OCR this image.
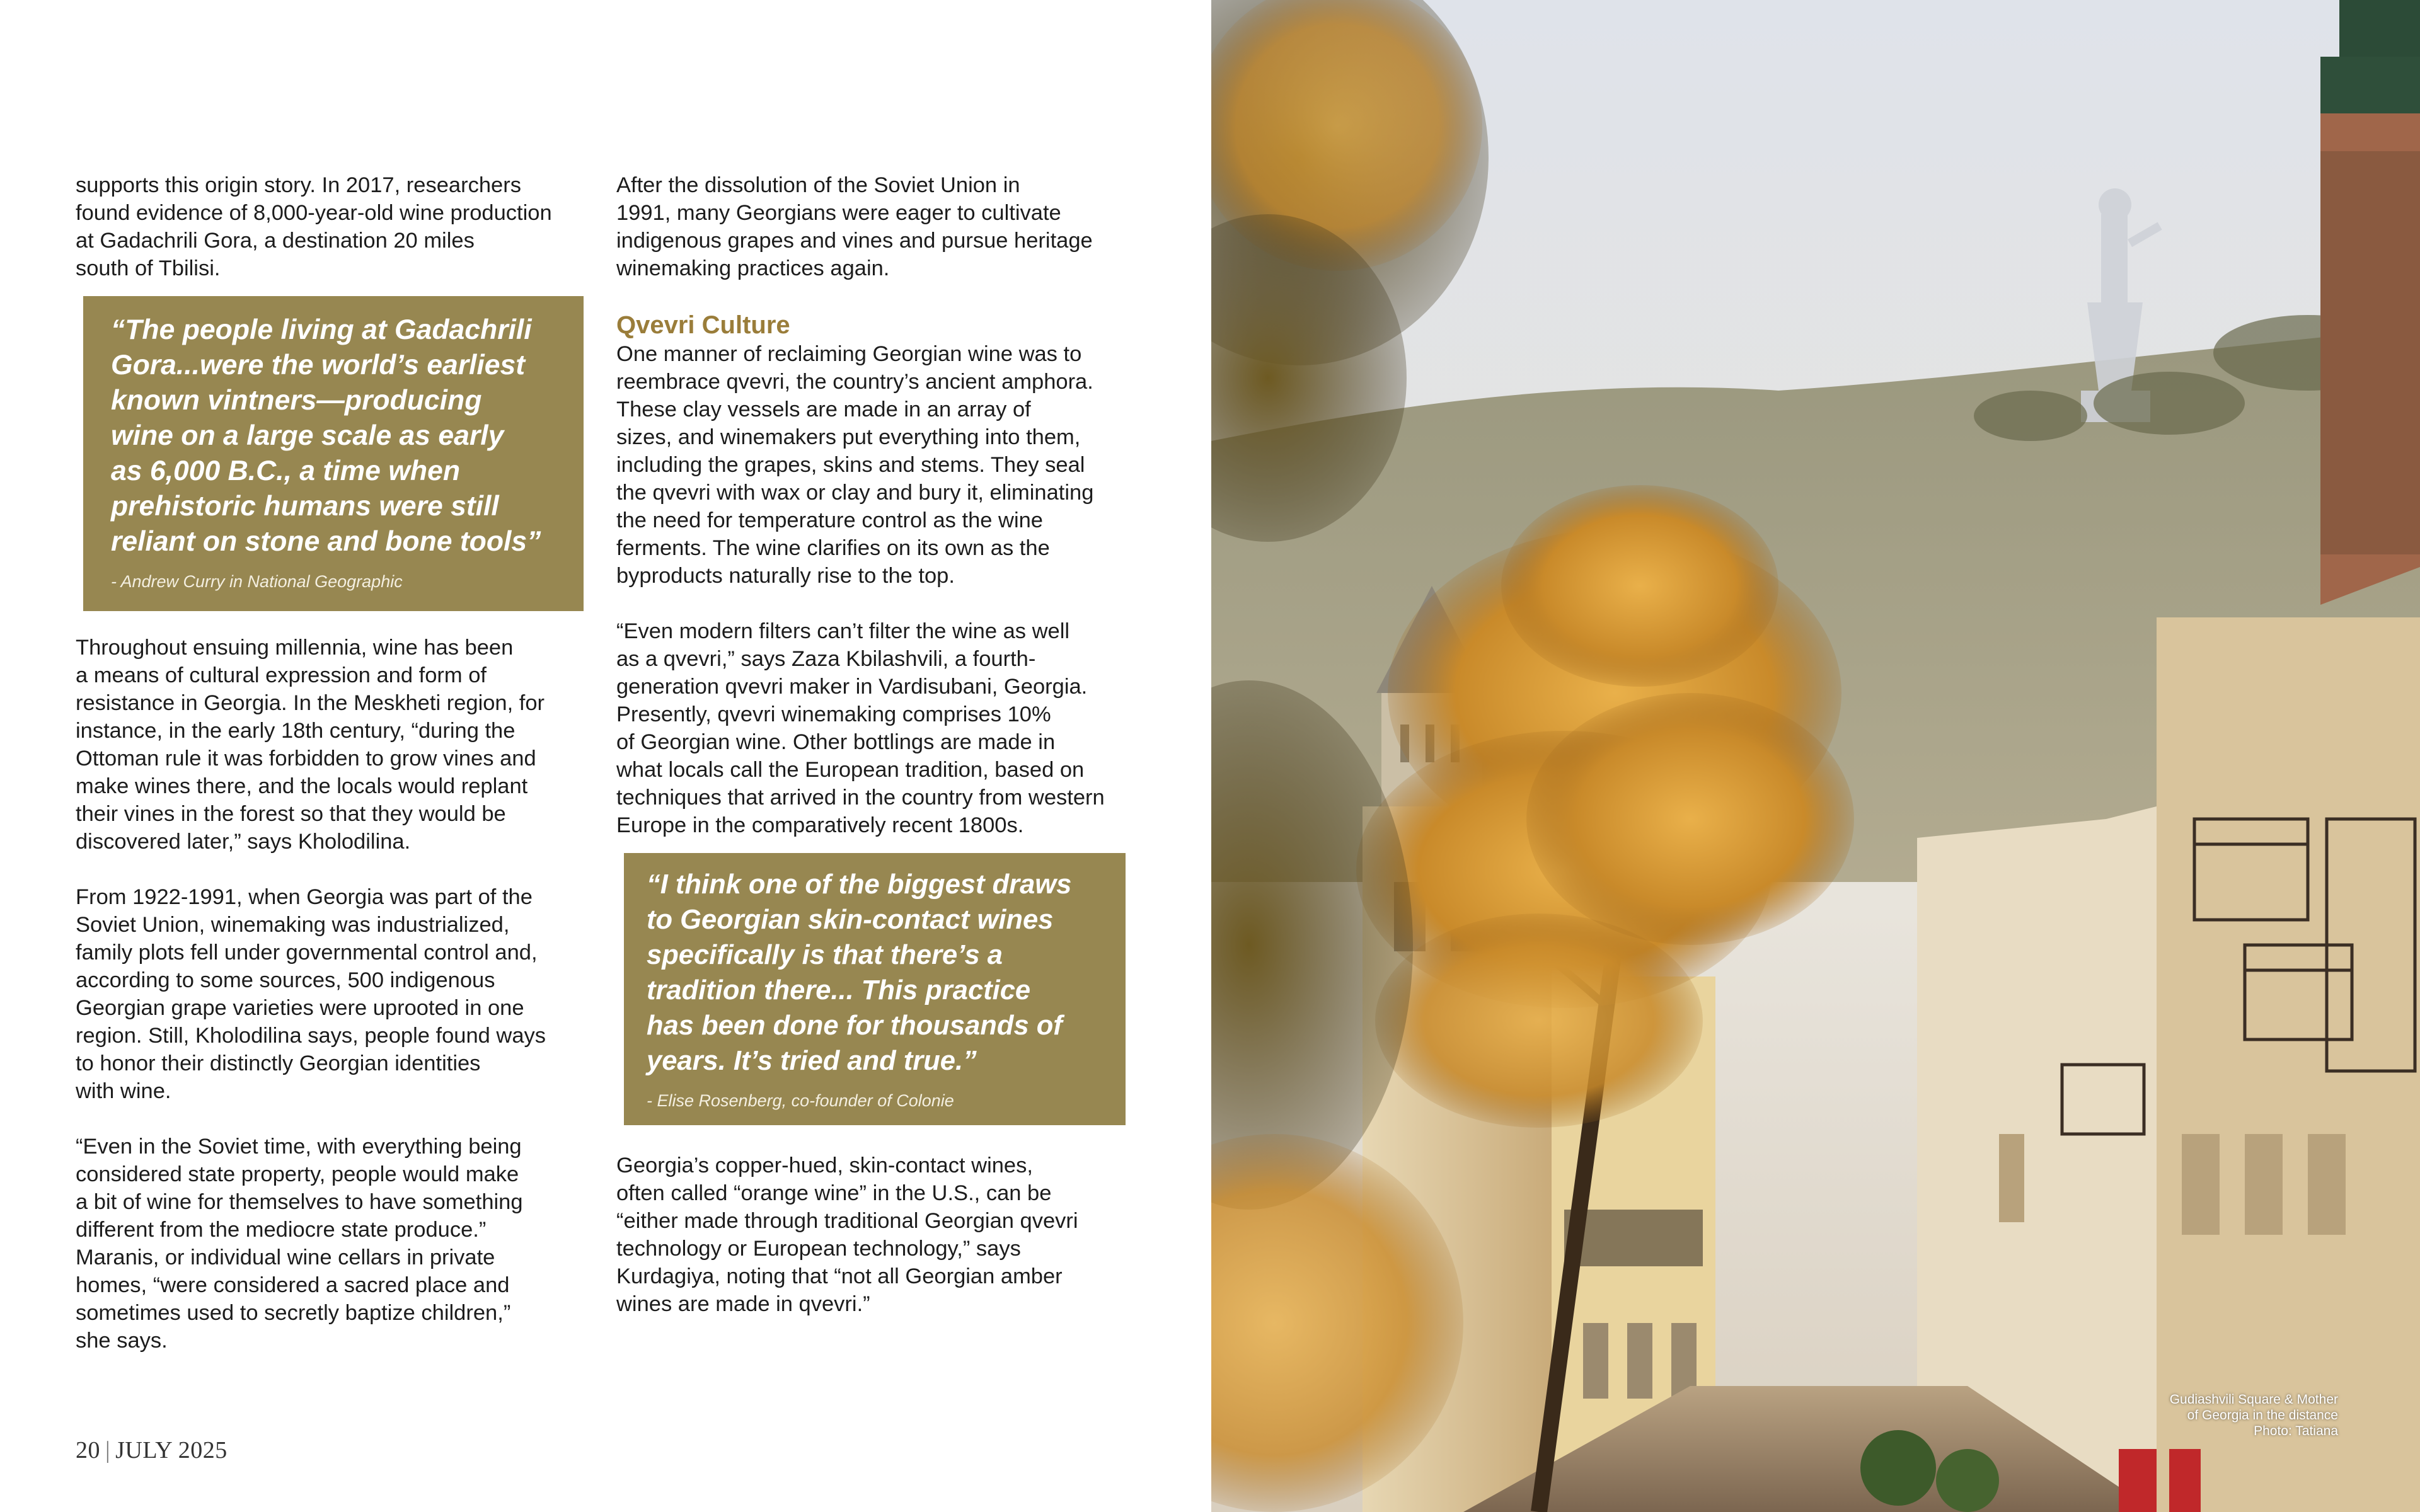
supports this origin story. In 2017, researchers
found evidence of 8,000-year-old wine production
at Gadachrili Gora, a destination 20 miles
south of Tbilisi.

“The people living at Gadachrili
Gora...were the world’s earliest
known vintners—producing
wine on a large scale as early
as 6,000 B.C., a time when
prehistoric humans were still
reliant on stone and bone tools”

- Andrew Curry in National Geographic

Throughout ensuing millennia, wine has been
a means of cultural expression and form of
resistance in Georgia. In the Meskheti region, for
instance, in the early 18th century, “during the
Ottoman rule it was forbidden to grow vines and
make wines there, and the locals would replant
their vines in the forest so that they would be
discovered later,” says Kholodilina.

From 1922-1991, when Georgia was part of the
Soviet Union, winemaking was industrialized,
family plots fell under governmental control and,
according to some sources, 500 indigenous
Georgian grape varieties were uprooted in one
region. Still, Kholodilina says, people found ways
to honor their distinctly Georgian identities
with wine.

“Even in the Soviet time, with everything being
considered state property, people would make
a bit of wine for themselves to have something
different from the mediocre state produce.”
Maranis, or individual wine cellars in private
homes, “were considered a sacred place and
sometimes used to secretly baptize children,”
she says.

After the dissolution of the Soviet Union in
1991, many Georgians were eager to cultivate
indigenous grapes and vines and pursue heritage
winemaking practices again.

Qvevri Culture

One manner of reclaiming Georgian wine was to
reembrace qvevri, the country’s ancient amphora.
These clay vessels are made in an array of
sizes, and winemakers put everything into them,
including the grapes, skins and stems. They seal
the qvevri with wax or clay and bury it, eliminating
the need for temperature control as the wine
ferments. The wine clarifies on its own as the
byproducts naturally rise to the top.

“Even modern filters can’t filter the wine as well
as a qvevri,” says Zaza Kbilashvili, a fourth-
generation qvevri maker in Vardisubani, Georgia.
Presently, qvevri winemaking comprises 10%
of Georgian wine. Other bottlings are made in
what locals call the European tradition, based on
techniques that arrived in the country from western
Europe in the comparatively recent 1800s.

“I think one of the biggest draws
to Georgian skin-contact wines
specifically is that there’s a
tradition there... This practice
has been done for thousands of
years. It’s tried and true.”

- Elise Rosenberg, co-founder of Colonie

Georgia’s copper-hued, skin-contact wines,
often called “orange wine” in the U.S., can be
“either made through traditional Georgian qvevri
technology or European technology,” says
Kurdagiya, noting that “not all Georgian amber
wines are made in qvevri.”

20 | JULY 2025
Gudiashvili Square & Mother
of Georgia in the distance
Photo: Tatiana
